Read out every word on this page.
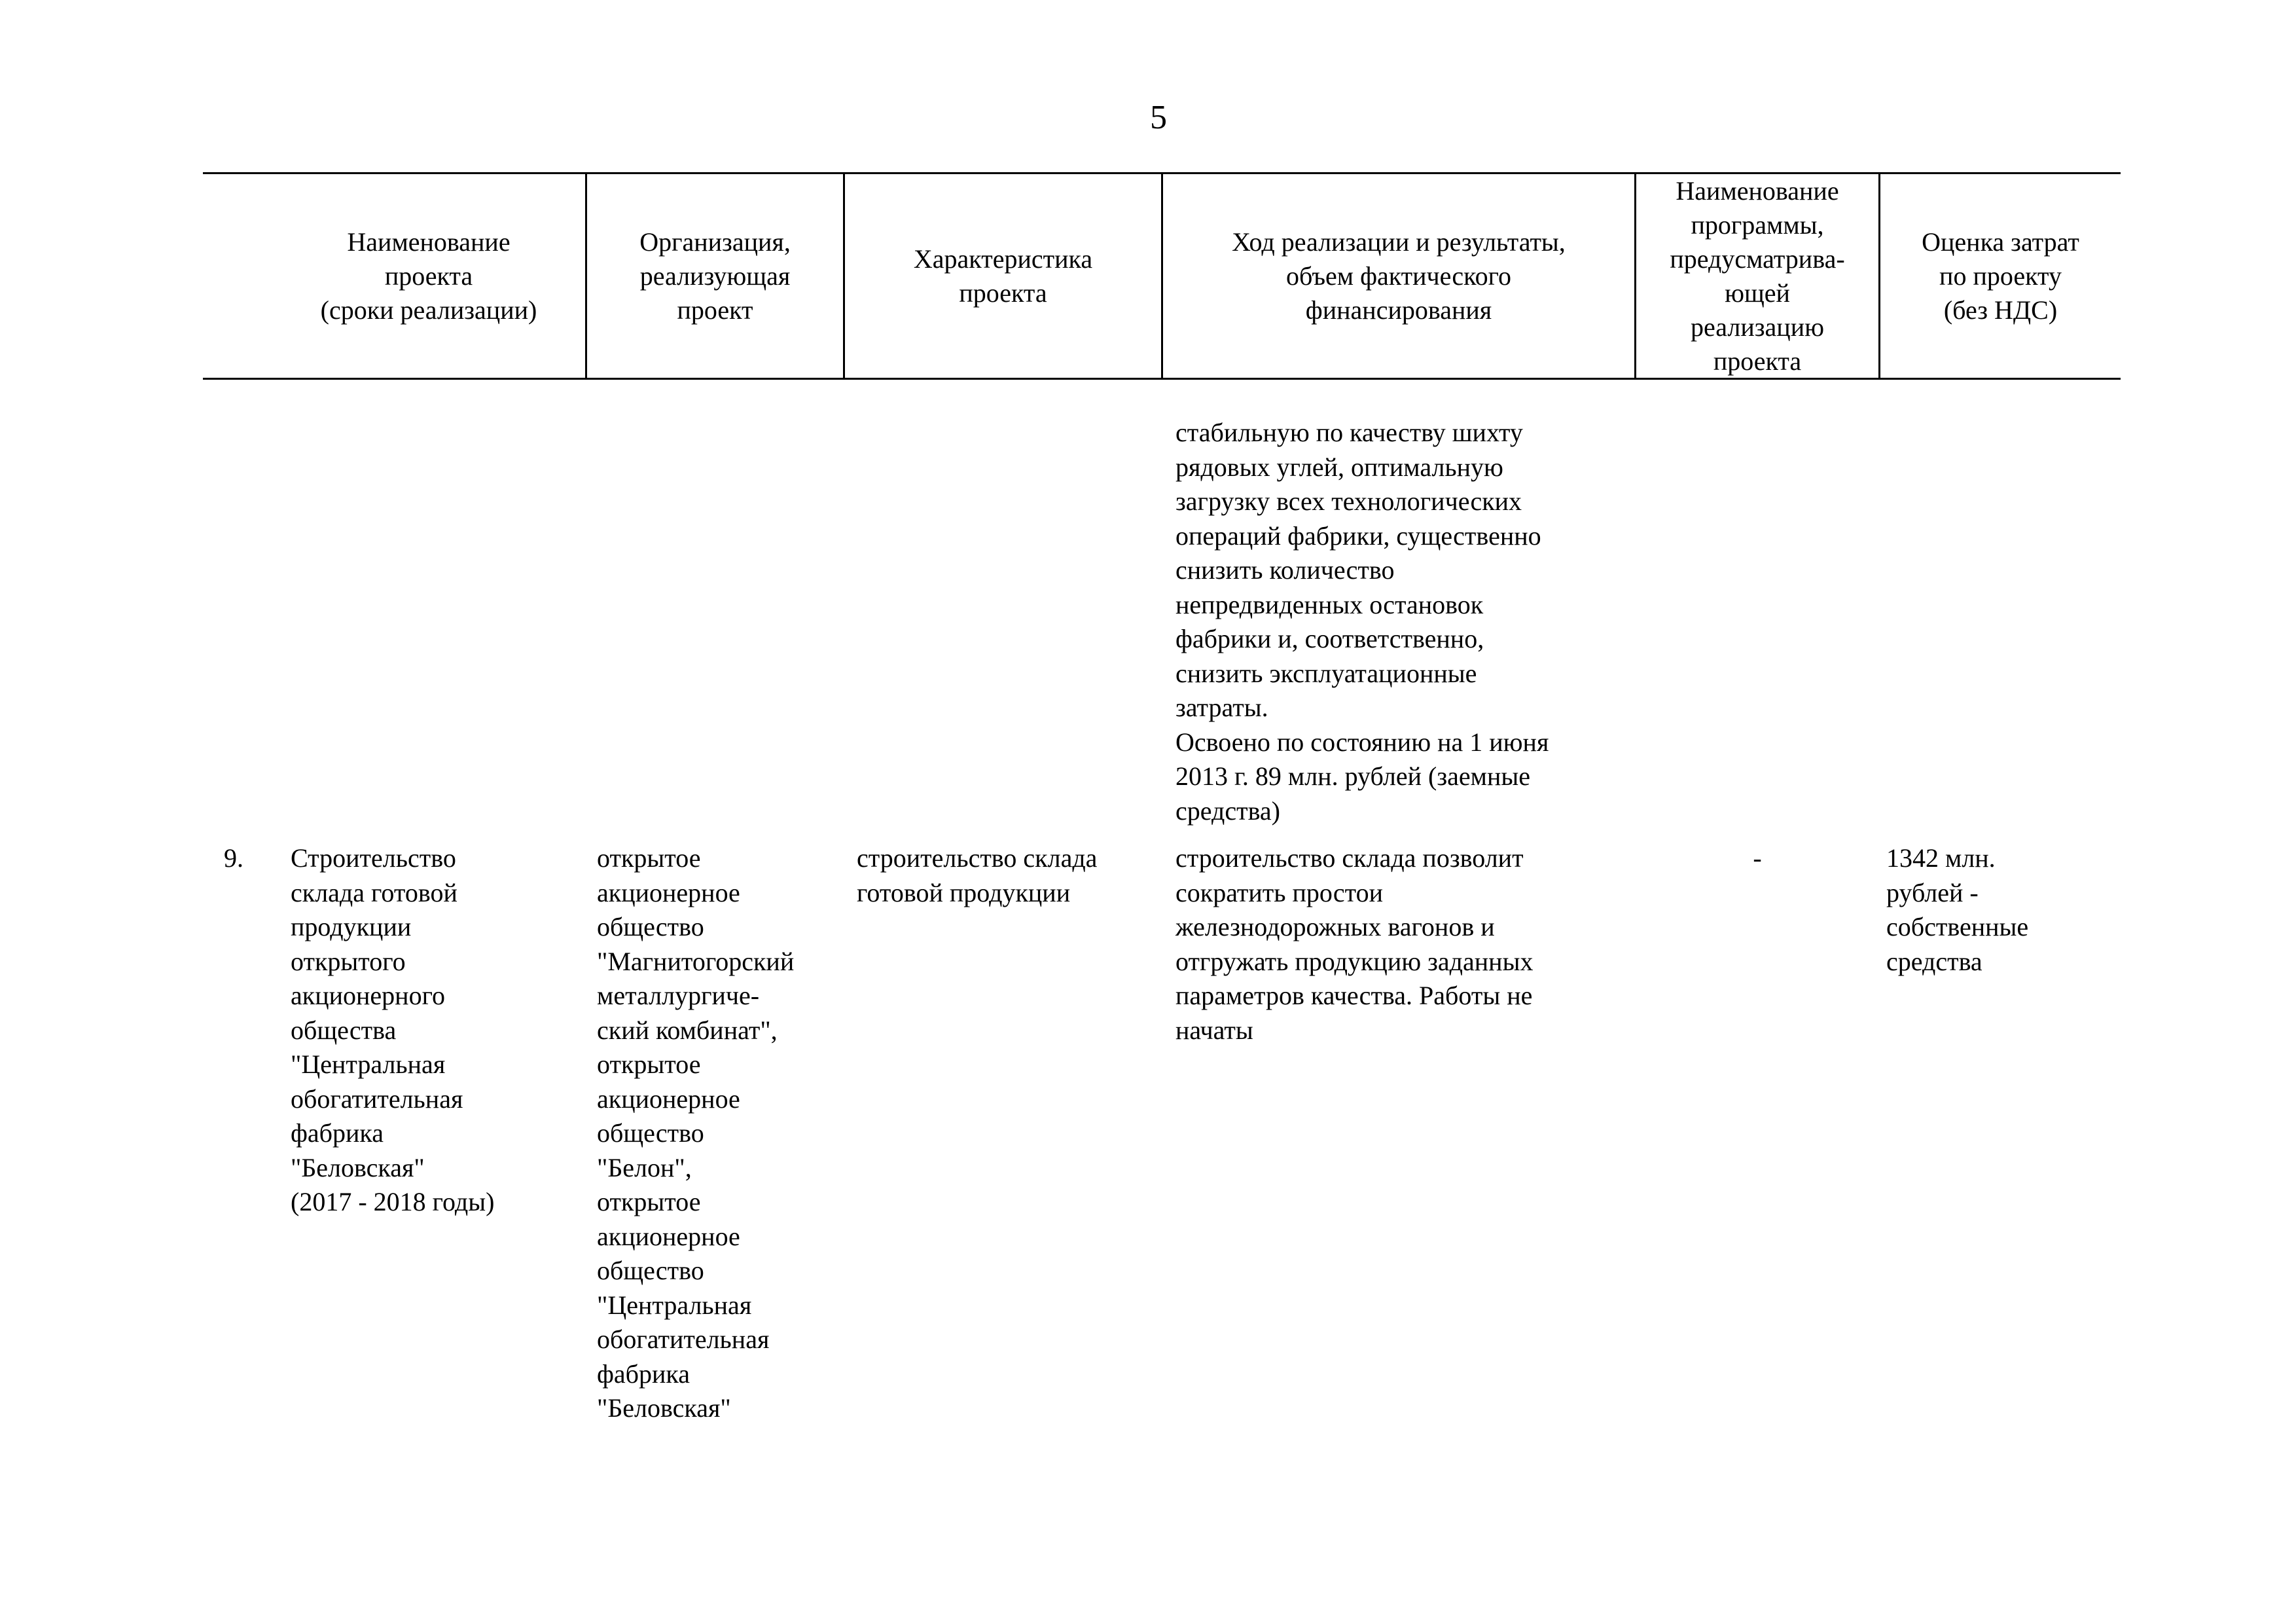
5
Наименование
проекта
(сроки реализации)
Организация,
реализующая
проект
Характеристика
проекта
Ход реализации и результаты,
объем фактического
финансирования
Наименование
программы,
предусматрива-
ющей
реализацию
проекта
Оценка затрат
по проекту
(без НДС)
стабильную по качеству шихту
рядовых углей, оптимальную
загрузку всех технологических
операций фабрики, существенно
снизить количество
непредвиденных остановок
фабрики и, соответственно,
снизить эксплуатационные
затраты.
Освоено по состоянию на 1 июня
2013 г. 89 млн. рублей (заемные
средства)
9.	Строительство
склада готовой
продукции
открытого
акционерного
общества
"Центральная
обогатительная
фабрика
"Беловская"
(2017 - 2018 годы)
открытое
акционерное
общество
"Магнитогорский
металлургиче-
ский комбинат",
открытое
акционерное
общество
"Белон",
открытое
акционерное
общество
"Центральная
обогатительная
фабрика
"Беловская"
строительство склада
готовой продукции
строительство склада позволит
сократить простои
железнодорожных вагонов и
отгружать продукцию заданных
параметров качества. Работы не
начаты
-	1342 млн.
рублей -
собственные
средства
